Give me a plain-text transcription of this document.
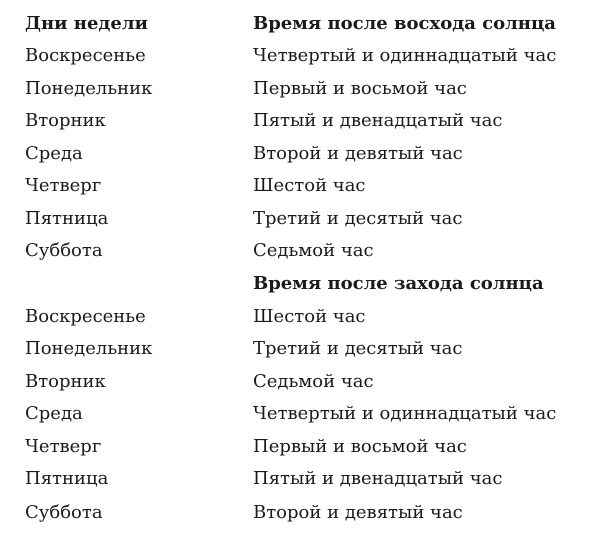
Дни недели	Время после восхода солнца
Воскресенье	Четвертый и одиннадцатый час
Понедельник	Первый и восьмой час
Вторник	Пятый и двенадцатый час
Среда	Второй и девятый час
Четверг	Шестой час
Пятница	Третий и десятый час
Суббота	Седьмой час
Время после захода солнца
Воскресенье	Шестой час
Понедельник	Третий и десятый час
Вторник	Седьмой час
Среда	Четвертый и одиннадцатый час
Четверг	Первый и восьмой час
Пятница	Пятый и двенадцатый час
Суббота	Второй и девятый час
